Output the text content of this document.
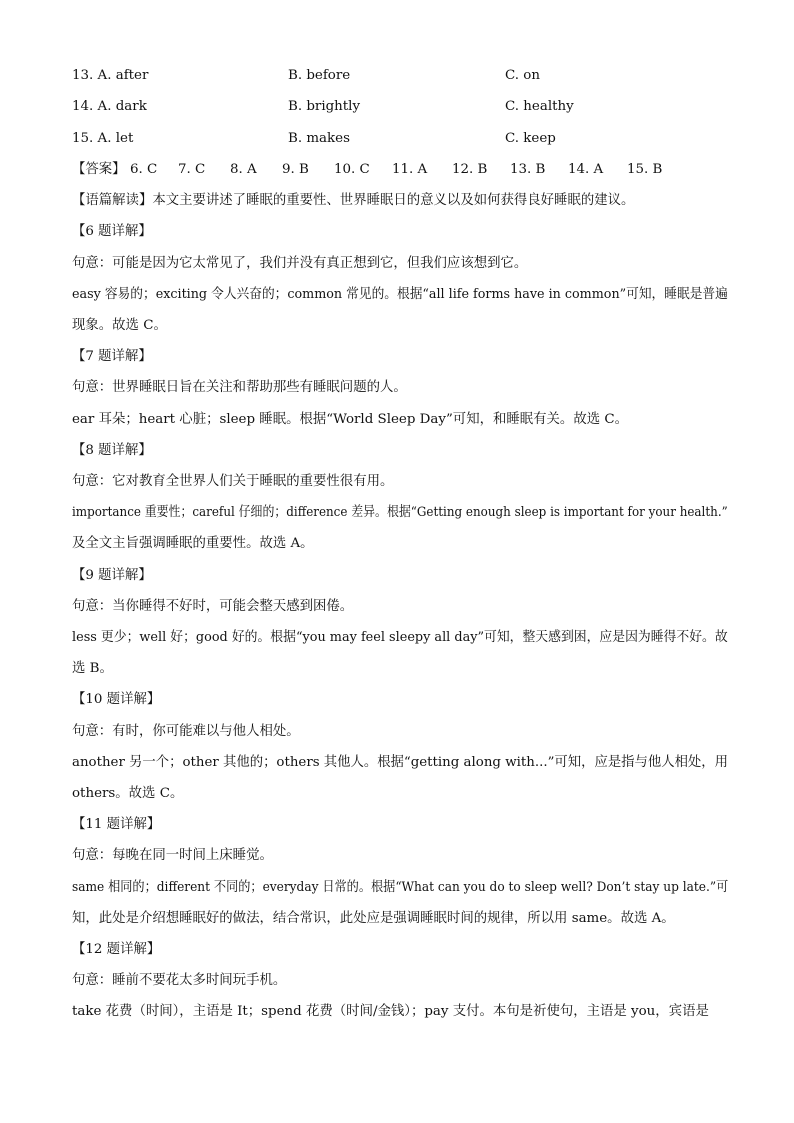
13. A. after	B. before	C. on
14. A. dark	B. brightly	C. healthy
15. A. let	B. makes	C. keep
【答案】 6. C 7. C 8. A 9. B 10. C 11. A 12. B 13. B 14. A 15. B
【语篇解读】本文主要讲述了睡眠的重要性、世界睡眠日的意义以及如何获得良好睡眠的建议。
【6 题详解】
句意：可能是因为它太常见了，我们并没有真正想到它，但我们应该想到它。
easy 容易的；exciting 令人兴奋的；common 常见的。根据“all life forms have in common”可知，睡眠是普遍
现象。故选 C。
【7 题详解】
句意：世界睡眠日旨在关注和帮助那些有睡眠问题的人。
ear 耳朵；heart 心脏；sleep 睡眠。根据“World Sleep Day”可知，和睡眠有关。故选 C。
【8 题详解】
句意：它对教育全世界人们关于睡眠的重要性很有用。
importance 重要性；careful 仔细的；difference 差异。根据“Getting enough sleep is important for your health.”
及全文主旨强调睡眠的重要性。故选 A。
【9 题详解】
句意：当你睡得不好时，可能会整天感到困倦。
less 更少；well 好；good 好的。根据“you may feel sleepy all day”可知，整天感到困，应是因为睡得不好。故
选 B。
【10 题详解】
句意：有时，你可能难以与他人相处。
another 另一个；other 其他的；others 其他人。根据“getting along with...”可知，应是指与他人相处，用
others。故选 C。
【11 题详解】
句意：每晚在同一时间上床睡觉。
same 相同的；different 不同的；everyday 日常的。根据“What can you do to sleep well? Don’t stay up late.”可
知，此处是介绍想睡眠好的做法，结合常识，此处应是强调睡眠时间的规律，所以用 same。故选 A。
【12 题详解】
句意：睡前不要花太多时间玩手机。
take 花费（时间），主语是 It；spend 花费（时间/金钱）；pay 支付。本句是祈使句，主语是 you，宾语是
